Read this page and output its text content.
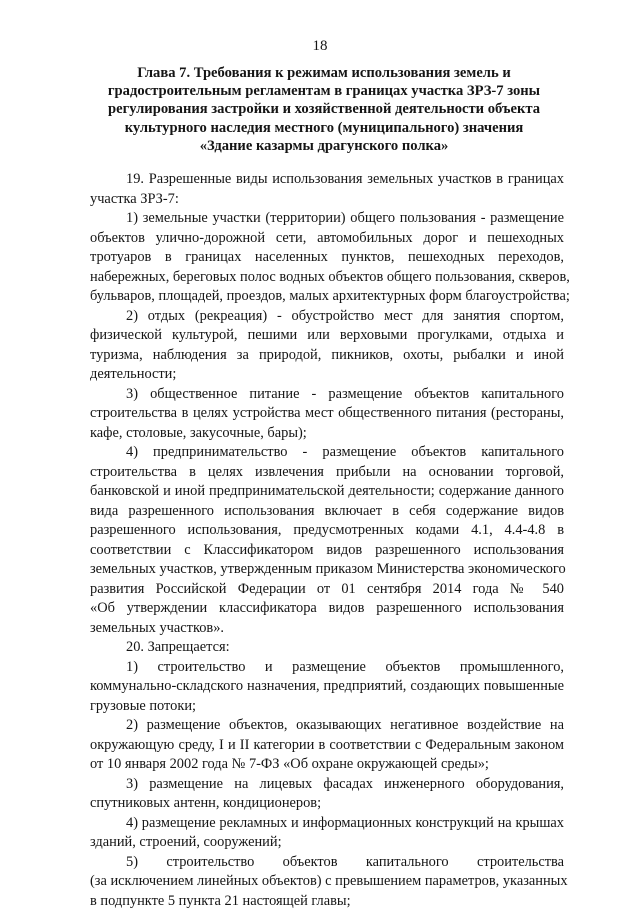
18
Глава 7. Требования к режимам использования земель и
градостроительным регламентам в границах участка ЗРЗ-7 зоны
регулирования застройки и хозяйственной деятельности объекта
культурного наследия местного (муниципального) значения
«Здание казармы драгунского полка»
19. Разрешенные виды использования земельных участков в границах
участка ЗРЗ-7:
1) земельные участки (территории) общего пользования - размещение
объектов улично-дорожной сети, автомобильных дорог и пешеходных
тротуаров в границах населенных пунктов, пешеходных переходов,
набережных, береговых полос водных объектов общего пользования, скверов,
бульваров, площадей, проездов, малых архитектурных форм благоустройства;
2) отдых (рекреация) - обустройство мест для занятия спортом,
физической культурой, пешими или верховыми прогулками, отдыха и
туризма, наблюдения за природой, пикников, охоты, рыбалки и иной
деятельности;
3) общественное питание - размещение объектов капитального
строительства в целях устройства мест общественного питания (рестораны,
кафе, столовые, закусочные, бары);
4) предпринимательство - размещение объектов капитального
строительства в целях извлечения прибыли на основании торговой,
банковской и иной предпринимательской деятельности; содержание данного
вида разрешенного использования включает в себя содержание видов
разрешенного использования, предусмотренных кодами 4.1, 4.4-4.8 в
соответствии с Классификатором видов разрешенного использования
земельных участков, утвержденным приказом Министерства экономического
развития Российской Федерации от 01 сентября 2014 года № 540
«Об утверждении классификатора видов разрешенного использования
земельных участков».
20. Запрещается:
1) строительство и размещение объектов промышленного,
коммунально-складского назначения, предприятий, создающих повышенные
грузовые потоки;
2) размещение объектов, оказывающих негативное воздействие на
окружающую среду, I и II категории в соответствии с Федеральным законом
от 10 января 2002 года № 7-ФЗ «Об охране окружающей среды»;
3) размещение на лицевых фасадах инженерного оборудования,
спутниковых антенн, кондиционеров;
4) размещение рекламных и информационных конструкций на крышах
зданий, строений, сооружений;
5) строительство объектов капитального строительства
(за исключением линейных объектов) с превышением параметров, указанных
в подпункте 5 пункта 21 настоящей главы;
